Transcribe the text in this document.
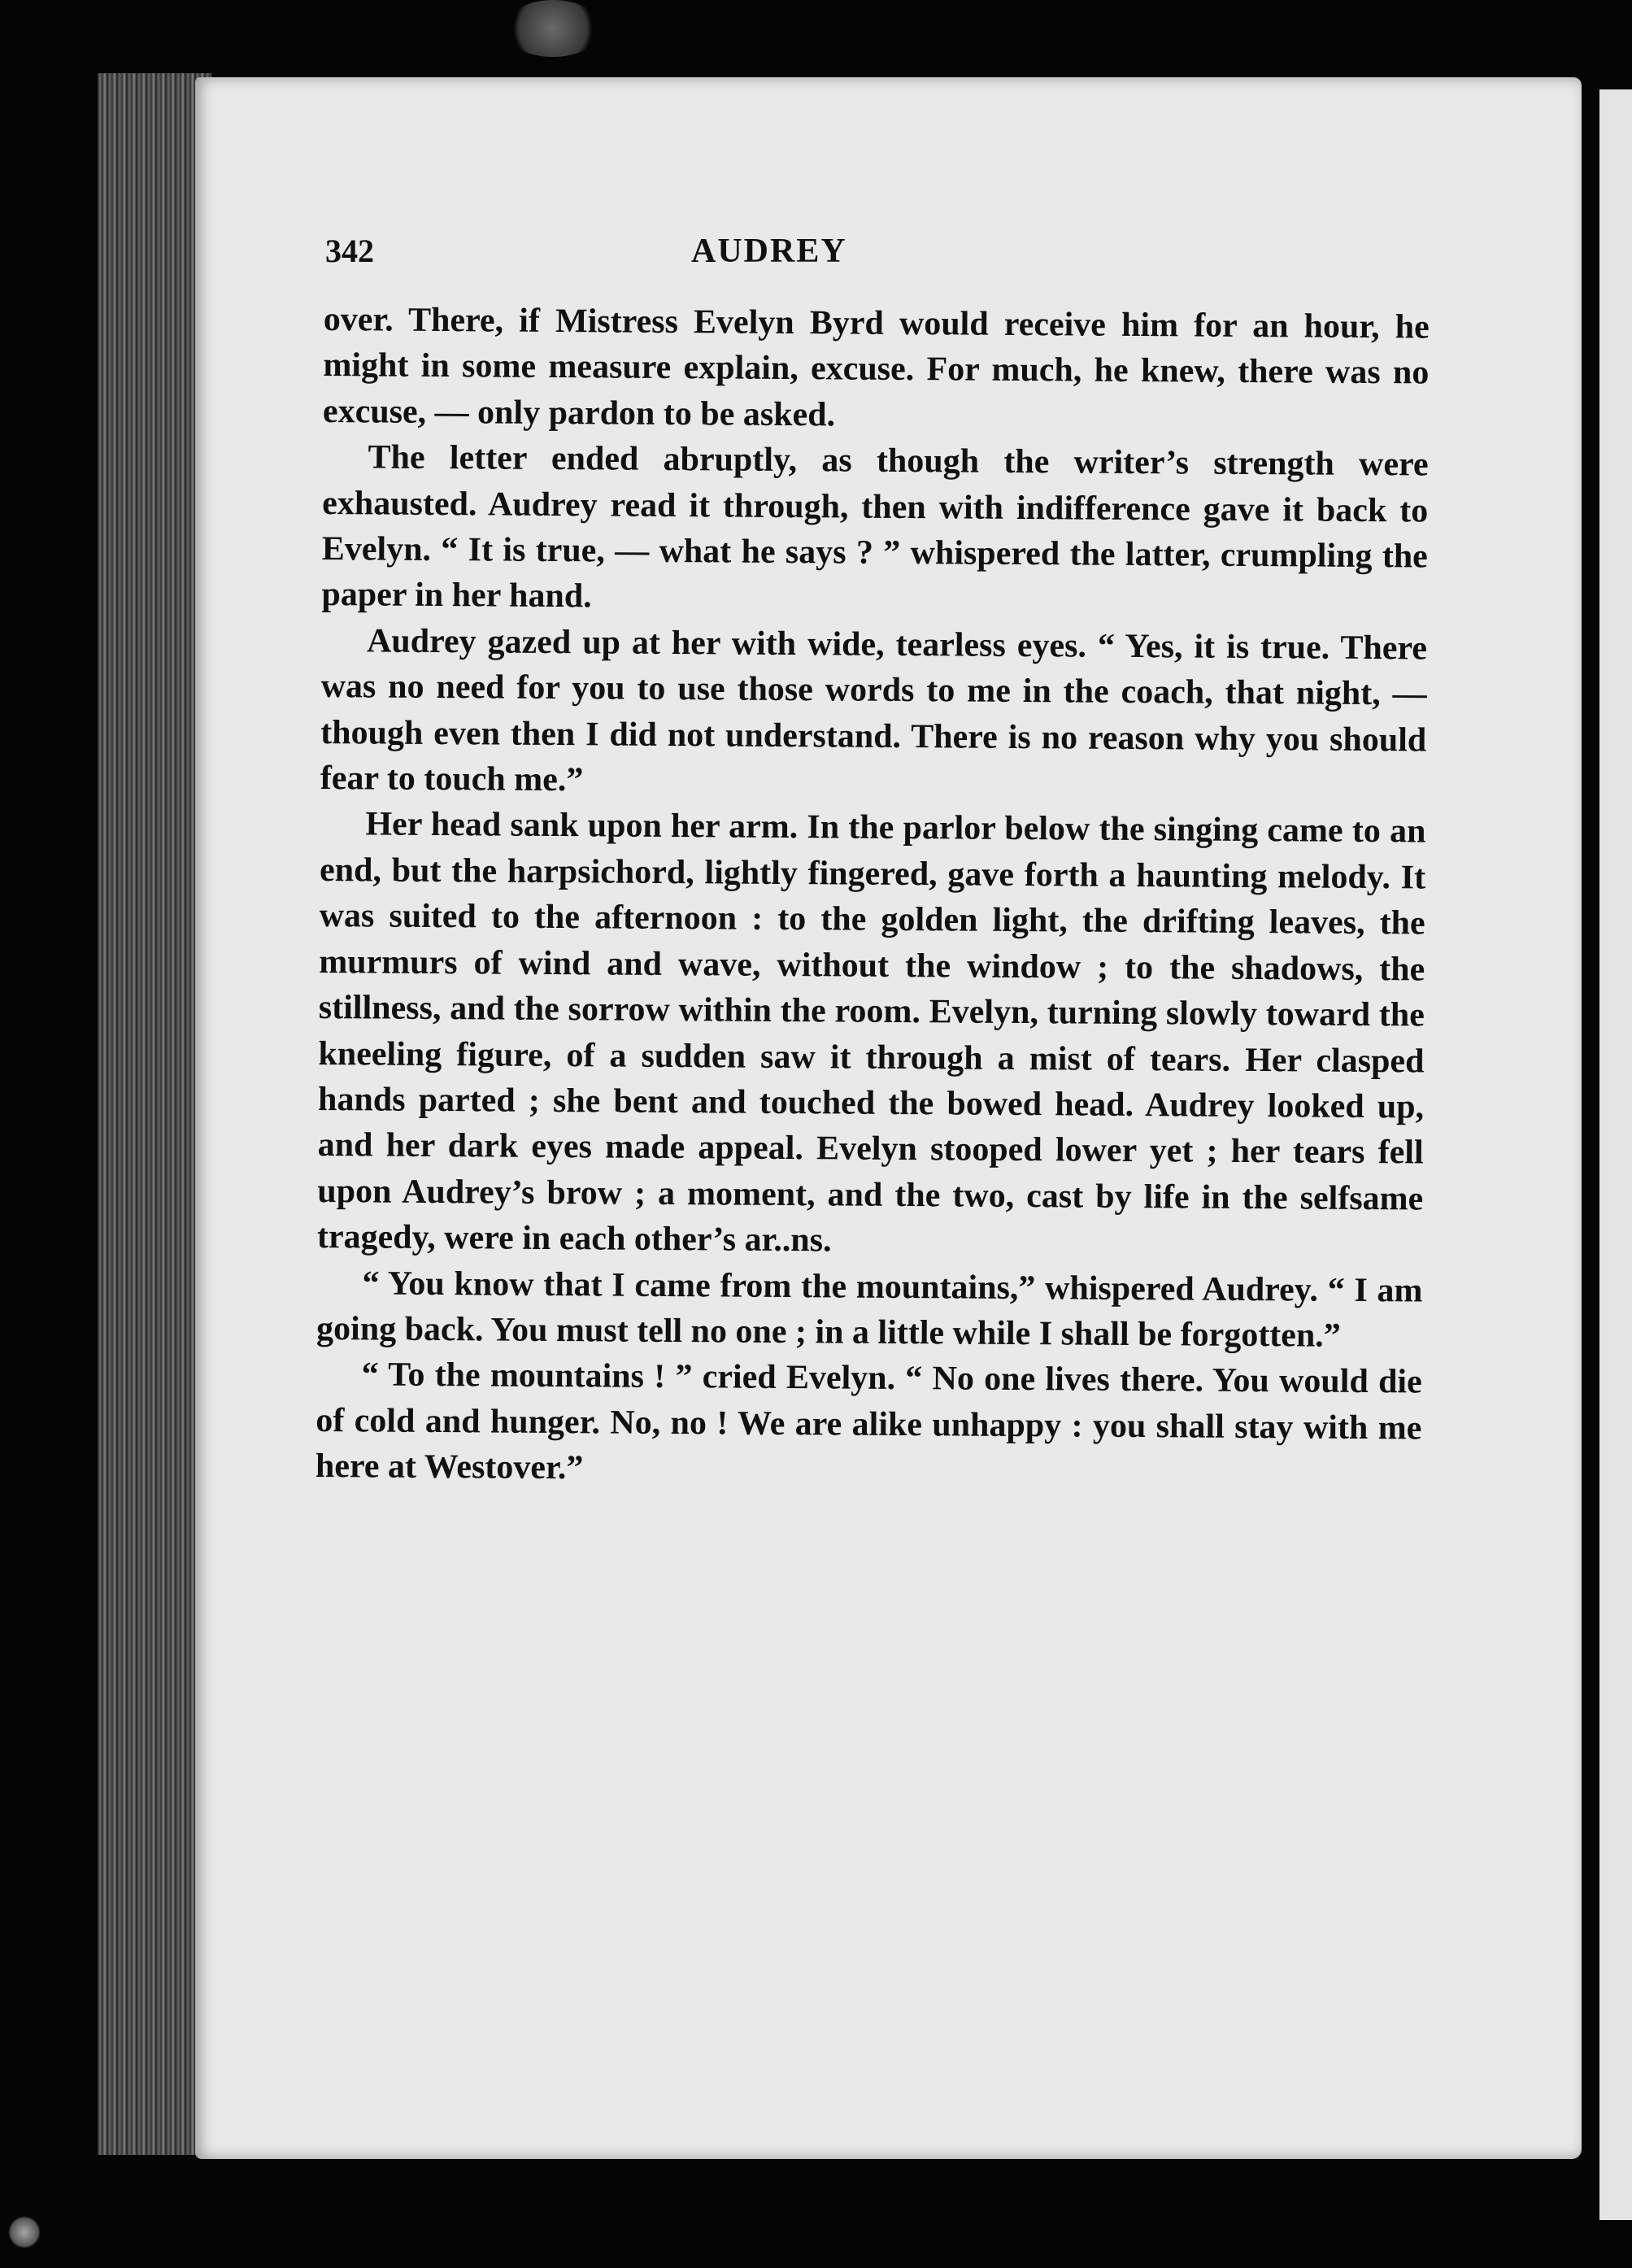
342	AUDREY

over. There, if Mistress Evelyn Byrd would receive him for an hour, he might in some measure explain, excuse. For much, he knew, there was no excuse, — only pardon to be asked.

The letter ended abruptly, as though the writer’s strength were exhausted. Audrey read it through, then with indifference gave it back to Evelyn. “ It is true, — what he says ? ” whispered the latter, crumpling the paper in her hand.

Audrey gazed up at her with wide, tearless eyes. “ Yes, it is true. There was no need for you to use those words to me in the coach, that night, — though even then I did not understand. There is no reason why you should fear to touch me.”

Her head sank upon her arm. In the parlor below the singing came to an end, but the harpsichord, lightly fingered, gave forth a haunting melody. It was suited to the afternoon : to the golden light, the drifting leaves, the murmurs of wind and wave, without the window ; to the shadows, the stillness, and the sorrow within the room. Evelyn, turning slowly toward the kneeling figure, of a sudden saw it through a mist of tears. Her clasped hands parted ; she bent and touched the bowed head. Audrey looked up, and her dark eyes made appeal. Evelyn stooped lower yet ; her tears fell upon Audrey’s brow ; a moment, and the two, cast by life in the selfsame tragedy, were in each other’s ar..ns.

“ You know that I came from the mountains,” whispered Audrey. “ I am going back. You must tell no one ; in a little while I shall be forgotten.”

“ To the mountains ! ” cried Evelyn. “ No one lives there. You would die of cold and hunger. No, no ! We are alike unhappy : you shall stay with me here at Westover.”
